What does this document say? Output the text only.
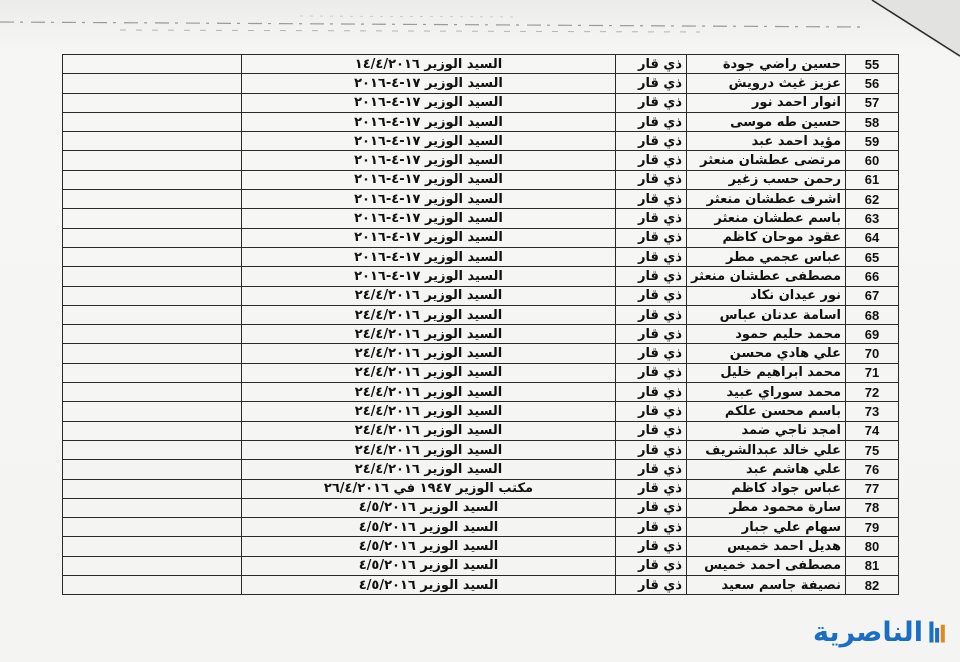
55	حسين راضي جودة	ذي قار	السيد الوزير ١٤/٤/٢٠١٦	
56	عزيز غيث درويش	ذي قار	السيد الوزير ١٧-٤-٢٠١٦	
57	انوار احمد نور	ذي قار	السيد الوزير ١٧-٤-٢٠١٦	
58	حسين طه موسى	ذي قار	السيد الوزير ١٧-٤-٢٠١٦	
59	مؤيد احمد عبد	ذي قار	السيد الوزير ١٧-٤-٢٠١٦	
60	مرتضى عطشان منعثر	ذي قار	السيد الوزير ١٧-٤-٢٠١٦	
61	رحمن حسب زغير	ذي قار	السيد الوزير ١٧-٤-٢٠١٦	
62	اشرف عطشان منعثر	ذي قار	السيد الوزير ١٧-٤-٢٠١٦	
63	باسم عطشان منعثر	ذي قار	السيد الوزير ١٧-٤-٢٠١٦	
64	عقود موحان كاظم	ذي قار	السيد الوزير ١٧-٤-٢٠١٦	
65	عباس عجمي مطر	ذي قار	السيد الوزير ١٧-٤-٢٠١٦	
66	مصطفى عطشان منعثر	ذي قار	السيد الوزير ١٧-٤-٢٠١٦	
67	نور عيدان نكاد	ذي قار	السيد الوزير ٢٤/٤/٢٠١٦	
68	اسامة عدنان عباس	ذي قار	السيد الوزير ٢٤/٤/٢٠١٦	
69	محمد حليم حمود	ذي قار	السيد الوزير ٢٤/٤/٢٠١٦	
70	علي هادي محسن	ذي قار	السيد الوزير ٢٤/٤/٢٠١٦	
71	محمد ابراهيم خليل	ذي قار	السيد الوزير ٢٤/٤/٢٠١٦	
72	محمد سوراي عبيد	ذي قار	السيد الوزير ٢٤/٤/٢٠١٦	
73	باسم محسن علكم	ذي قار	السيد الوزير ٢٤/٤/٢٠١٦	
74	امجد ناجي ضمد	ذي قار	السيد الوزير ٢٤/٤/٢٠١٦	
75	علي خالد عبدالشريف	ذي قار	السيد الوزير ٢٤/٤/٢٠١٦	
76	علي هاشم عبد	ذي قار	السيد الوزير ٢٤/٤/٢٠١٦	
77	عباس جواد كاظم	ذي قار	مكتب الوزير ١٩٤٧ في ٢٦/٤/٢٠١٦	
78	سارة محمود مطر	ذي قار	السيد الوزير ٤/٥/٢٠١٦	
79	سهام علي جبار	ذي قار	السيد الوزير ٤/٥/٢٠١٦	
80	هديل احمد خميس	ذي قار	السيد الوزير ٤/٥/٢٠١٦	
81	مصطفى احمد خميس	ذي قار	السيد الوزير ٤/٥/٢٠١٦	
82	نصيفة جاسم سعيد	ذي قار	السيد الوزير ٤/٥/٢٠١٦	
الناصرية
